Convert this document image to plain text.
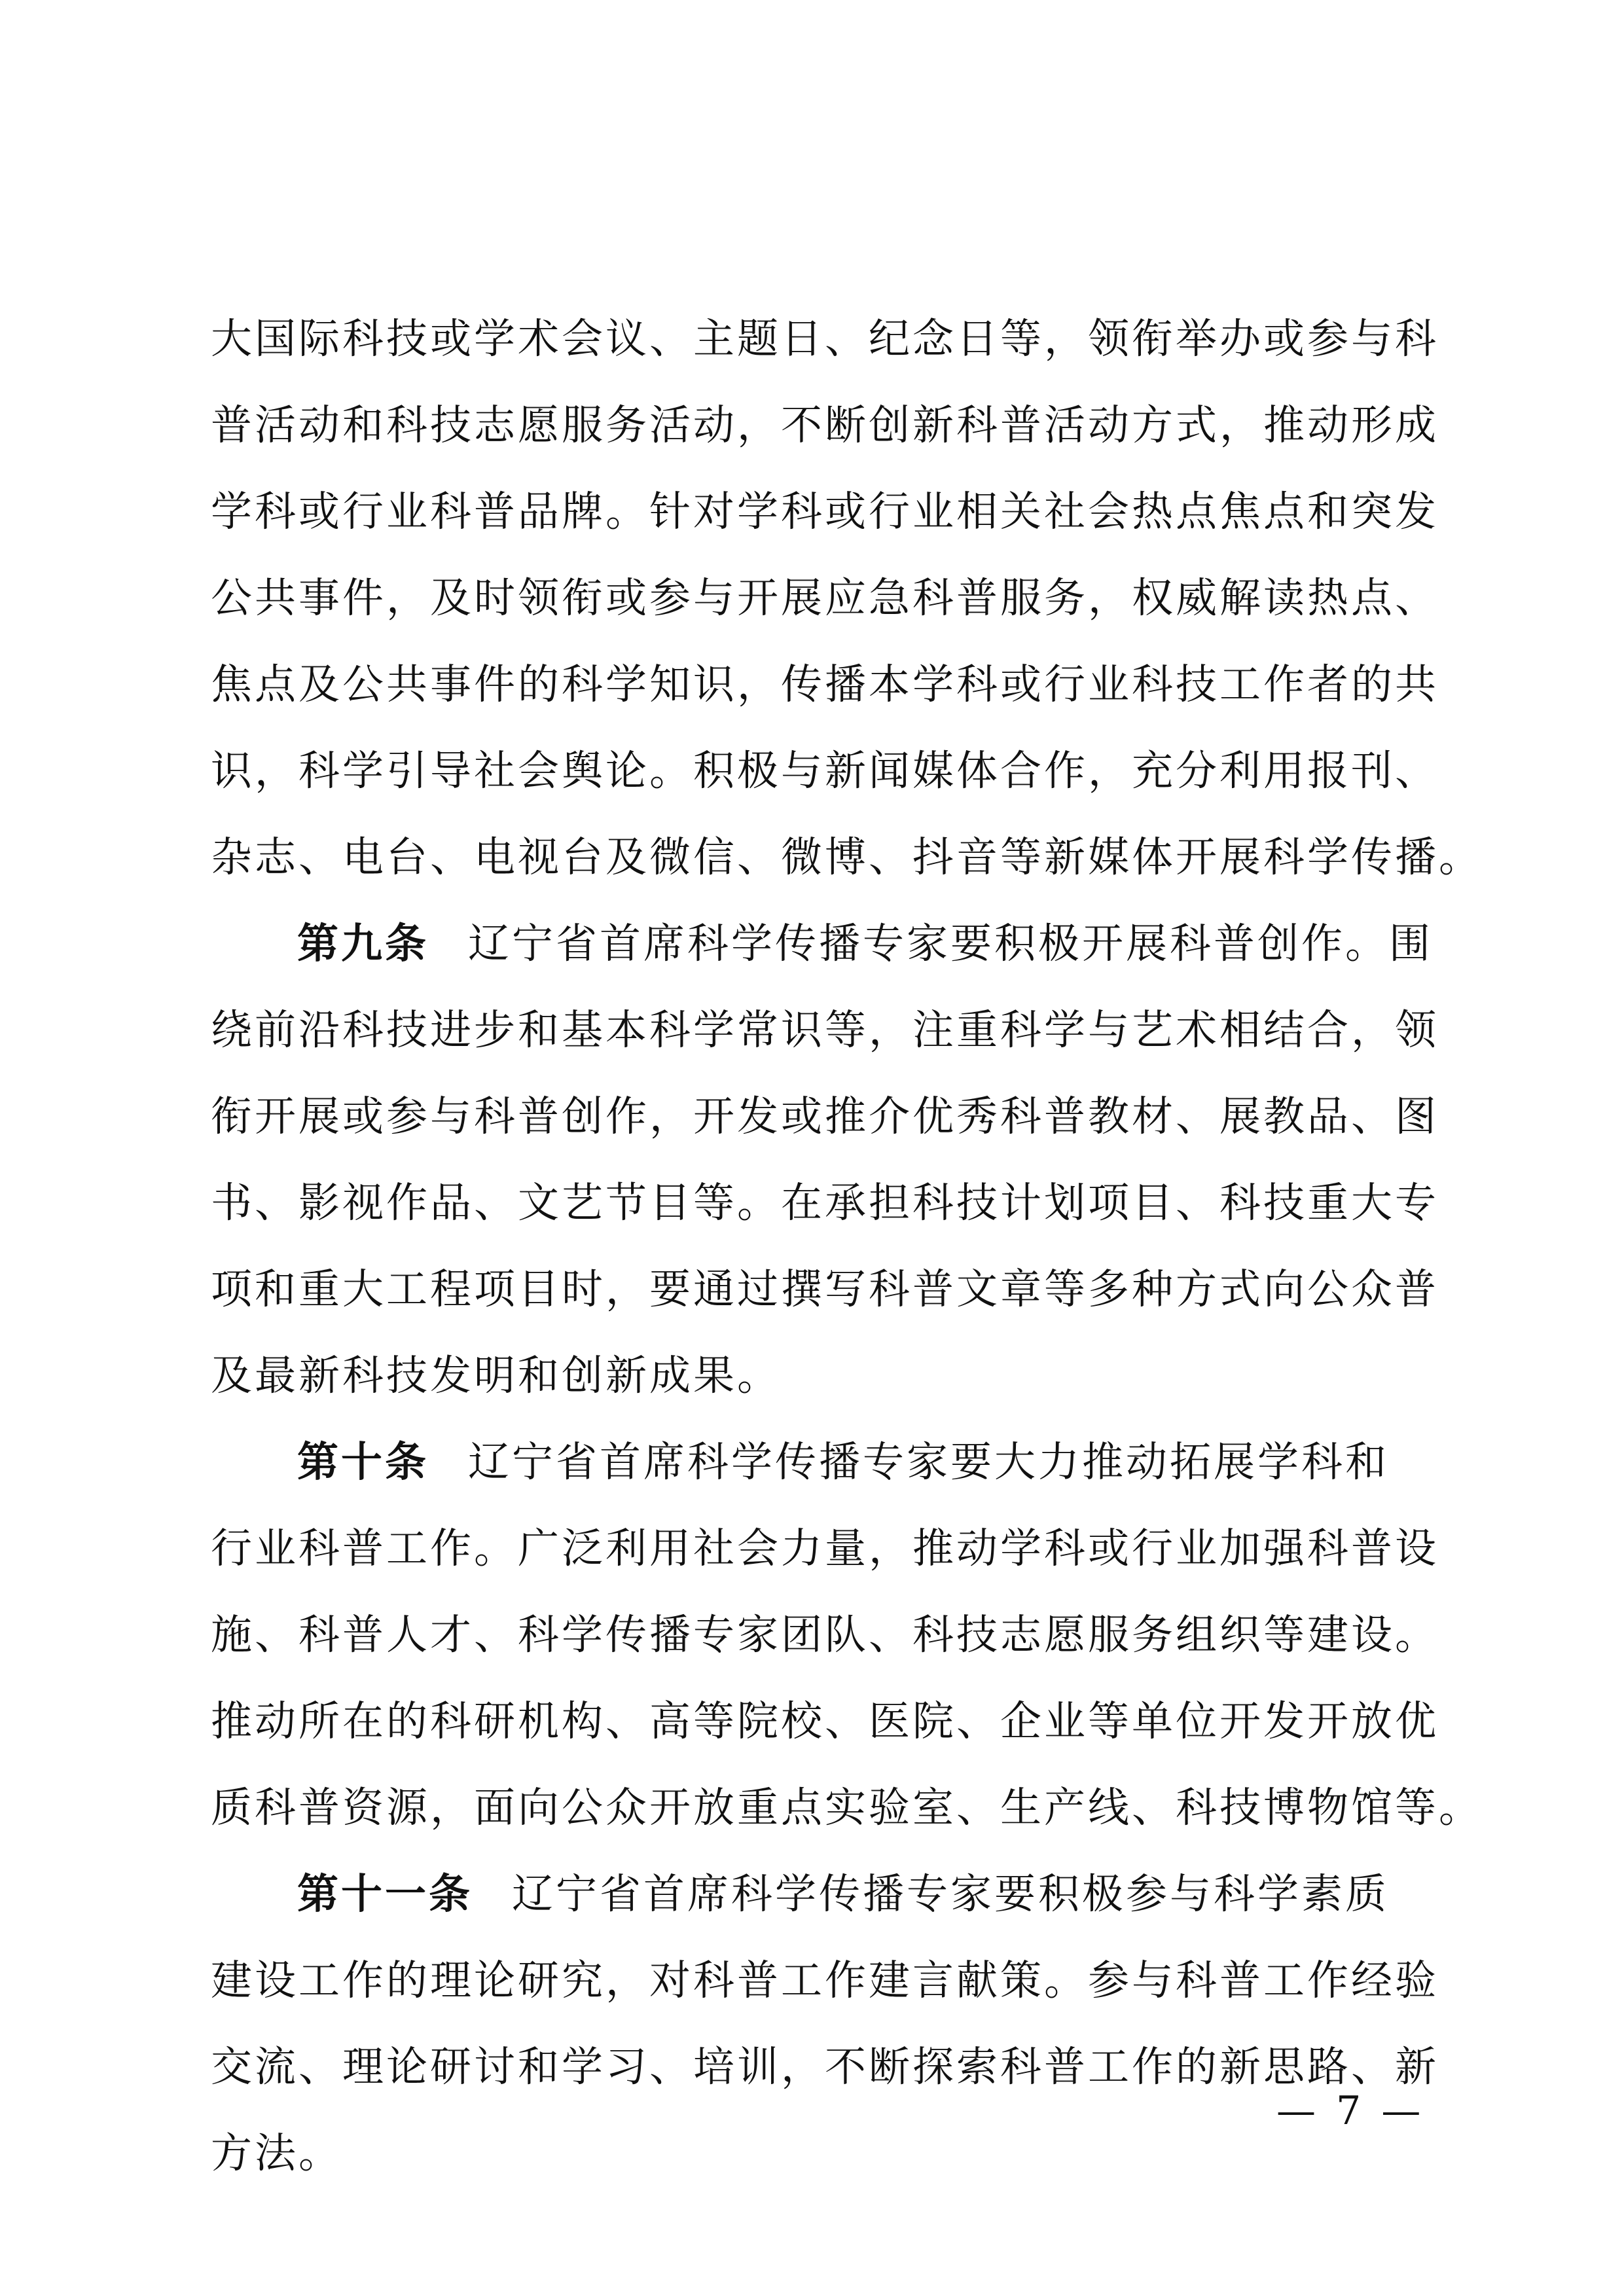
大国际科技或学术会议、主题日、纪念日等，领衔举办或参与科
普活动和科技志愿服务活动，不断创新科普活动方式，推动形成
学科或行业科普品牌。针对学科或行业相关社会热点焦点和突发
公共事件，及时领衔或参与开展应急科普服务，权威解读热点、
焦点及公共事件的科学知识，传播本学科或行业科技工作者的共
识，科学引导社会舆论。积极与新闻媒体合作，充分利用报刊、
杂志、电台、电视台及微信、微博、抖音等新媒体开展科学传播。
第九条 辽宁省首席科学传播专家要积极开展科普创作。围
绕前沿科技进步和基本科学常识等，注重科学与艺术相结合，领
衔开展或参与科普创作，开发或推介优秀科普教材、展教品、图
书、影视作品、文艺节目等。在承担科技计划项目、科技重大专
项和重大工程项目时，要通过撰写科普文章等多种方式向公众普
及最新科技发明和创新成果。
第十条 辽宁省首席科学传播专家要大力推动拓展学科和
行业科普工作。广泛利用社会力量，推动学科或行业加强科普设
施、科普人才、科学传播专家团队、科技志愿服务组织等建设。
推动所在的科研机构、高等院校、医院、企业等单位开发开放优
质科普资源，面向公众开放重点实验室、生产线、科技博物馆等。
第十一条 辽宁省首席科学传播专家要积极参与科学素质
建设工作的理论研究，对科普工作建言献策。参与科普工作经验
交流、理论研讨和学习、培训，不断探索科普工作的新思路、新
方法。
— 7 —
